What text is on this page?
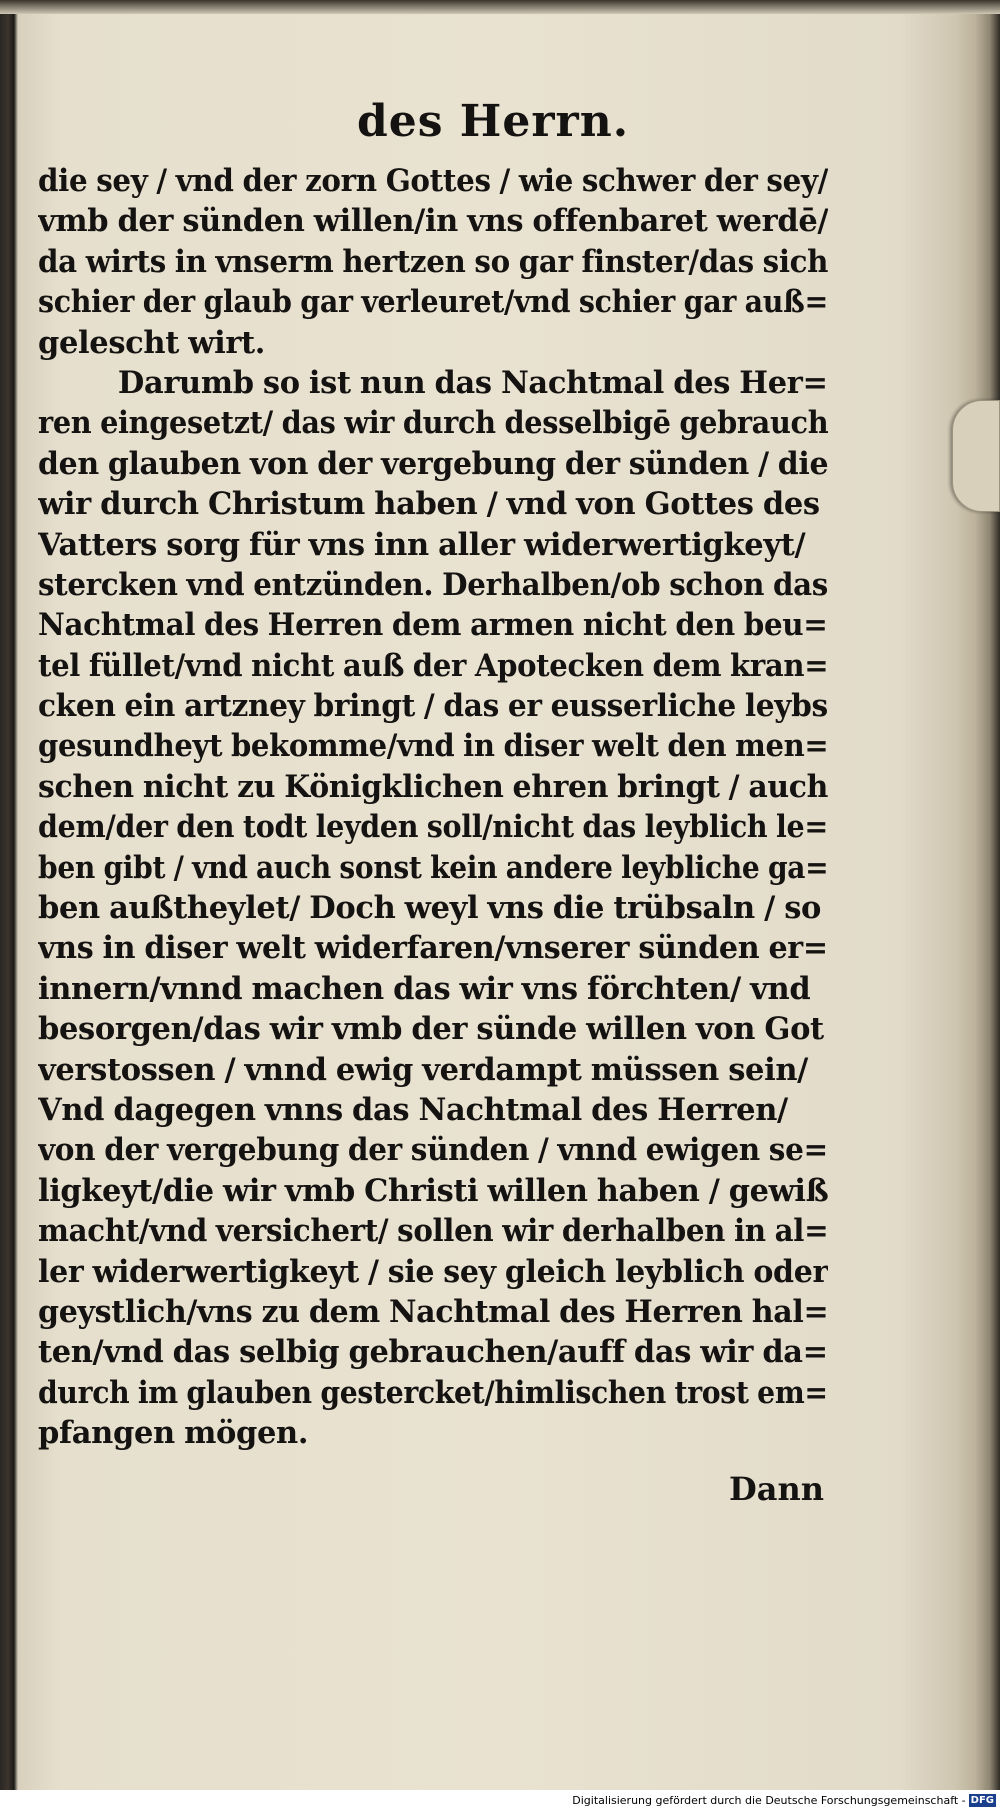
des Herrn.
die sey / vnd der zorn Gottes / wie schwer der sey/
vmb der sünden willen/in vns offenbaret werdē/
da wirts in vnserm hertzen so gar finster/das sich
schier der glaub gar verleuret/vnd schier gar auß=
gelescht wirt.
Darumb so ist nun das Nachtmal des Her=
ren eingesetzt/ das wir durch desselbigē gebrauch
den glauben von der vergebung der sünden / die
wir durch Christum haben / vnd von Gottes des
Vatters sorg für vns inn aller widerwertigkeyt/
stercken vnd entzünden. Derhalben/ob schon das
Nachtmal des Herren dem armen nicht den beu=
tel füllet/vnd nicht auß der Apotecken dem kran=
cken ein artzney bringt / das er eusserliche leybs
gesundheyt bekomme/vnd in diser welt den men=
schen nicht zu Königklichen ehren bringt / auch
dem/der den todt leyden soll/nicht das leyblich le=
ben gibt / vnd auch sonst kein andere leybliche ga=
ben außtheylet/ Doch weyl vns die trübsaln / so
vns in diser welt widerfaren/vnserer sünden er=
innern/vnnd machen das wir vns förchten/ vnd
besorgen/das wir vmb der sünde willen von Got
verstossen / vnnd ewig verdampt müssen sein/
Vnd dagegen vnns das Nachtmal des Herren/
von der vergebung der sünden / vnnd ewigen se=
ligkeyt/die wir vmb Christi willen haben / gewiß
macht/vnd versichert/ sollen wir derhalben in al=
ler widerwertigkeyt / sie sey gleich leyblich oder
geystlich/vns zu dem Nachtmal des Herren hal=
ten/vnd das selbig gebrauchen/auff das wir da=
durch im glauben gestercket/himlischen trost em=
pfangen mögen.
Dann
Digitalisierung gefördert durch die Deutsche Forschungsgemeinschaft - DFG
